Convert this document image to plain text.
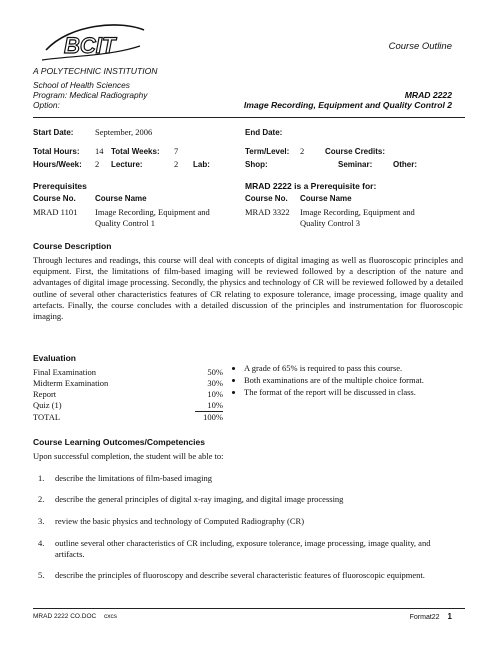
BCIT
A POLYTECHNIC INSTITUTION
School of Health Sciences
Program: Medical Radiography
Option:
Course Outline
MRAD 2222
Image Recording, Equipment and Quality Control 2
Start Date:	September, 2006	End Date:
Total Hours: 14 Total Weeks: 7	Term/Level: 2	Course Credits:
Hours/Week: 2 Lecture:	2 Lab:	Shop:	Seminar:	Other:
Prerequisites	MRAD 2222 is a Prerequisite for:
Course No. Course Name	Course No. Course Name
MRAD 1101 Image Recording, Equipment and
Quality Control 1
MRAD 3322 Image Recording, Equipment and
Quality Control 3
Course Description
Through lectures and readings, this course will deal with concepts of digital imaging as well as fluoroscopic principles and equipment. First, the limitations of film-based imaging will be reviewed followed by a description of the nature and advantages of digital image processing. Secondly, the physics and technology of CR will be reviewed followed by a detailed outline of several other characteristics features of CR relating to exposure tolerance, image processing, image quality and artefacts. Finally, the course concludes with a detailed discussion of the principles and instrumentation for fluoroscopic imaging.
Evaluation
Final Examination	50%
Midterm Examination	30%
Report	10%
Quiz (1)	10%
TOTAL	100%
• A grade of 65% is required to pass this course.
• Both examinations are of the multiple choice format.
• The format of the report will be discussed in class.
Course Learning Outcomes/Competencies
Upon successful completion, the student will be able to:
1. describe the limitations of film-based imaging
2. describe the general principles of digital x-ray imaging, and digital image processing
3. review the basic physics and technology of Computed Radiography (CR)
4. outline several other characteristics of CR including, exposure tolerance, image processing, image quality, and
artifacts.
5. describe the principles of fluoroscopy and describe several characteristic features of fluoroscopic equipment.
MRAD 2222 CO.DOC cxcs	Format22 1
